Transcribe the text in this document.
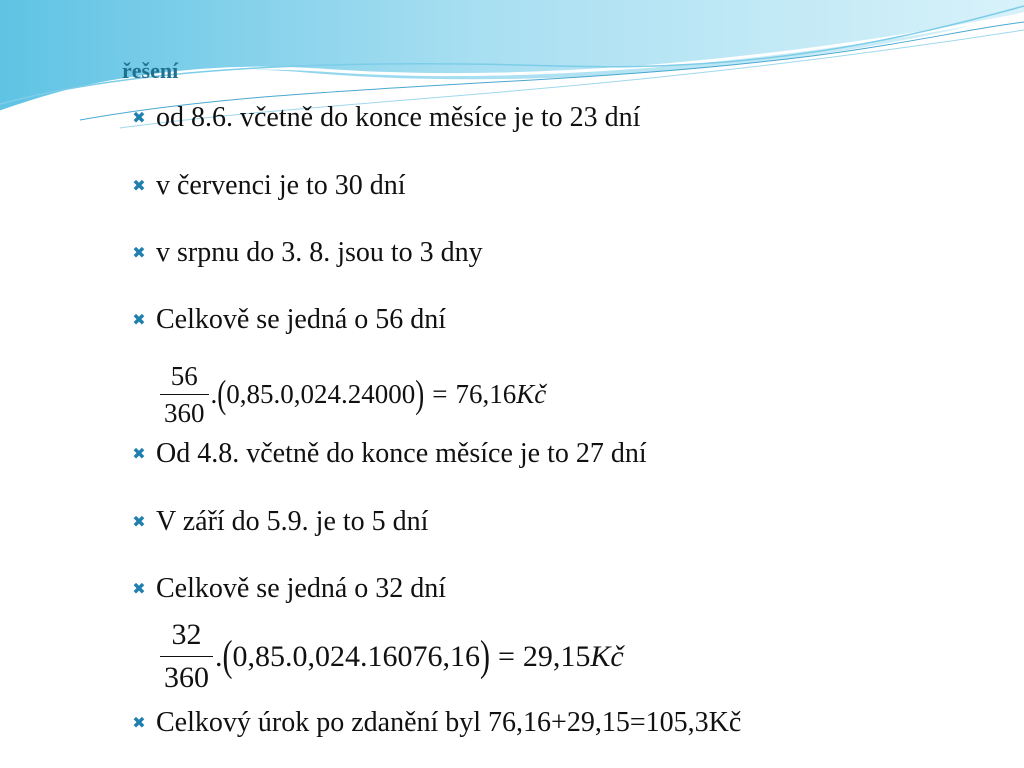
řešení
✖ od 8.6. včetně do konce měsíce je to 23 dní
✖ v červenci je to 30 dní
✖ v srpnu do 3. 8. jsou to 3 dny
✖ Celkově se jedná o 56 dní
$\frac{56}{360}$ . ( 0,85.0,024.24000 ) = 76,16 Kč
✖ Od 4.8. včetně do konce měsíce je to 27 dní
✖ V září do 5.9. je to 5 dní
✖ Celkově se jedná o 32 dní
$\frac{32}{360}$ . ( 0,85.0,024.16076,16 ) = 29,15 Kč
✖ Celkový úrok po zdanění byl 76,16+29,15=105,3Kč
